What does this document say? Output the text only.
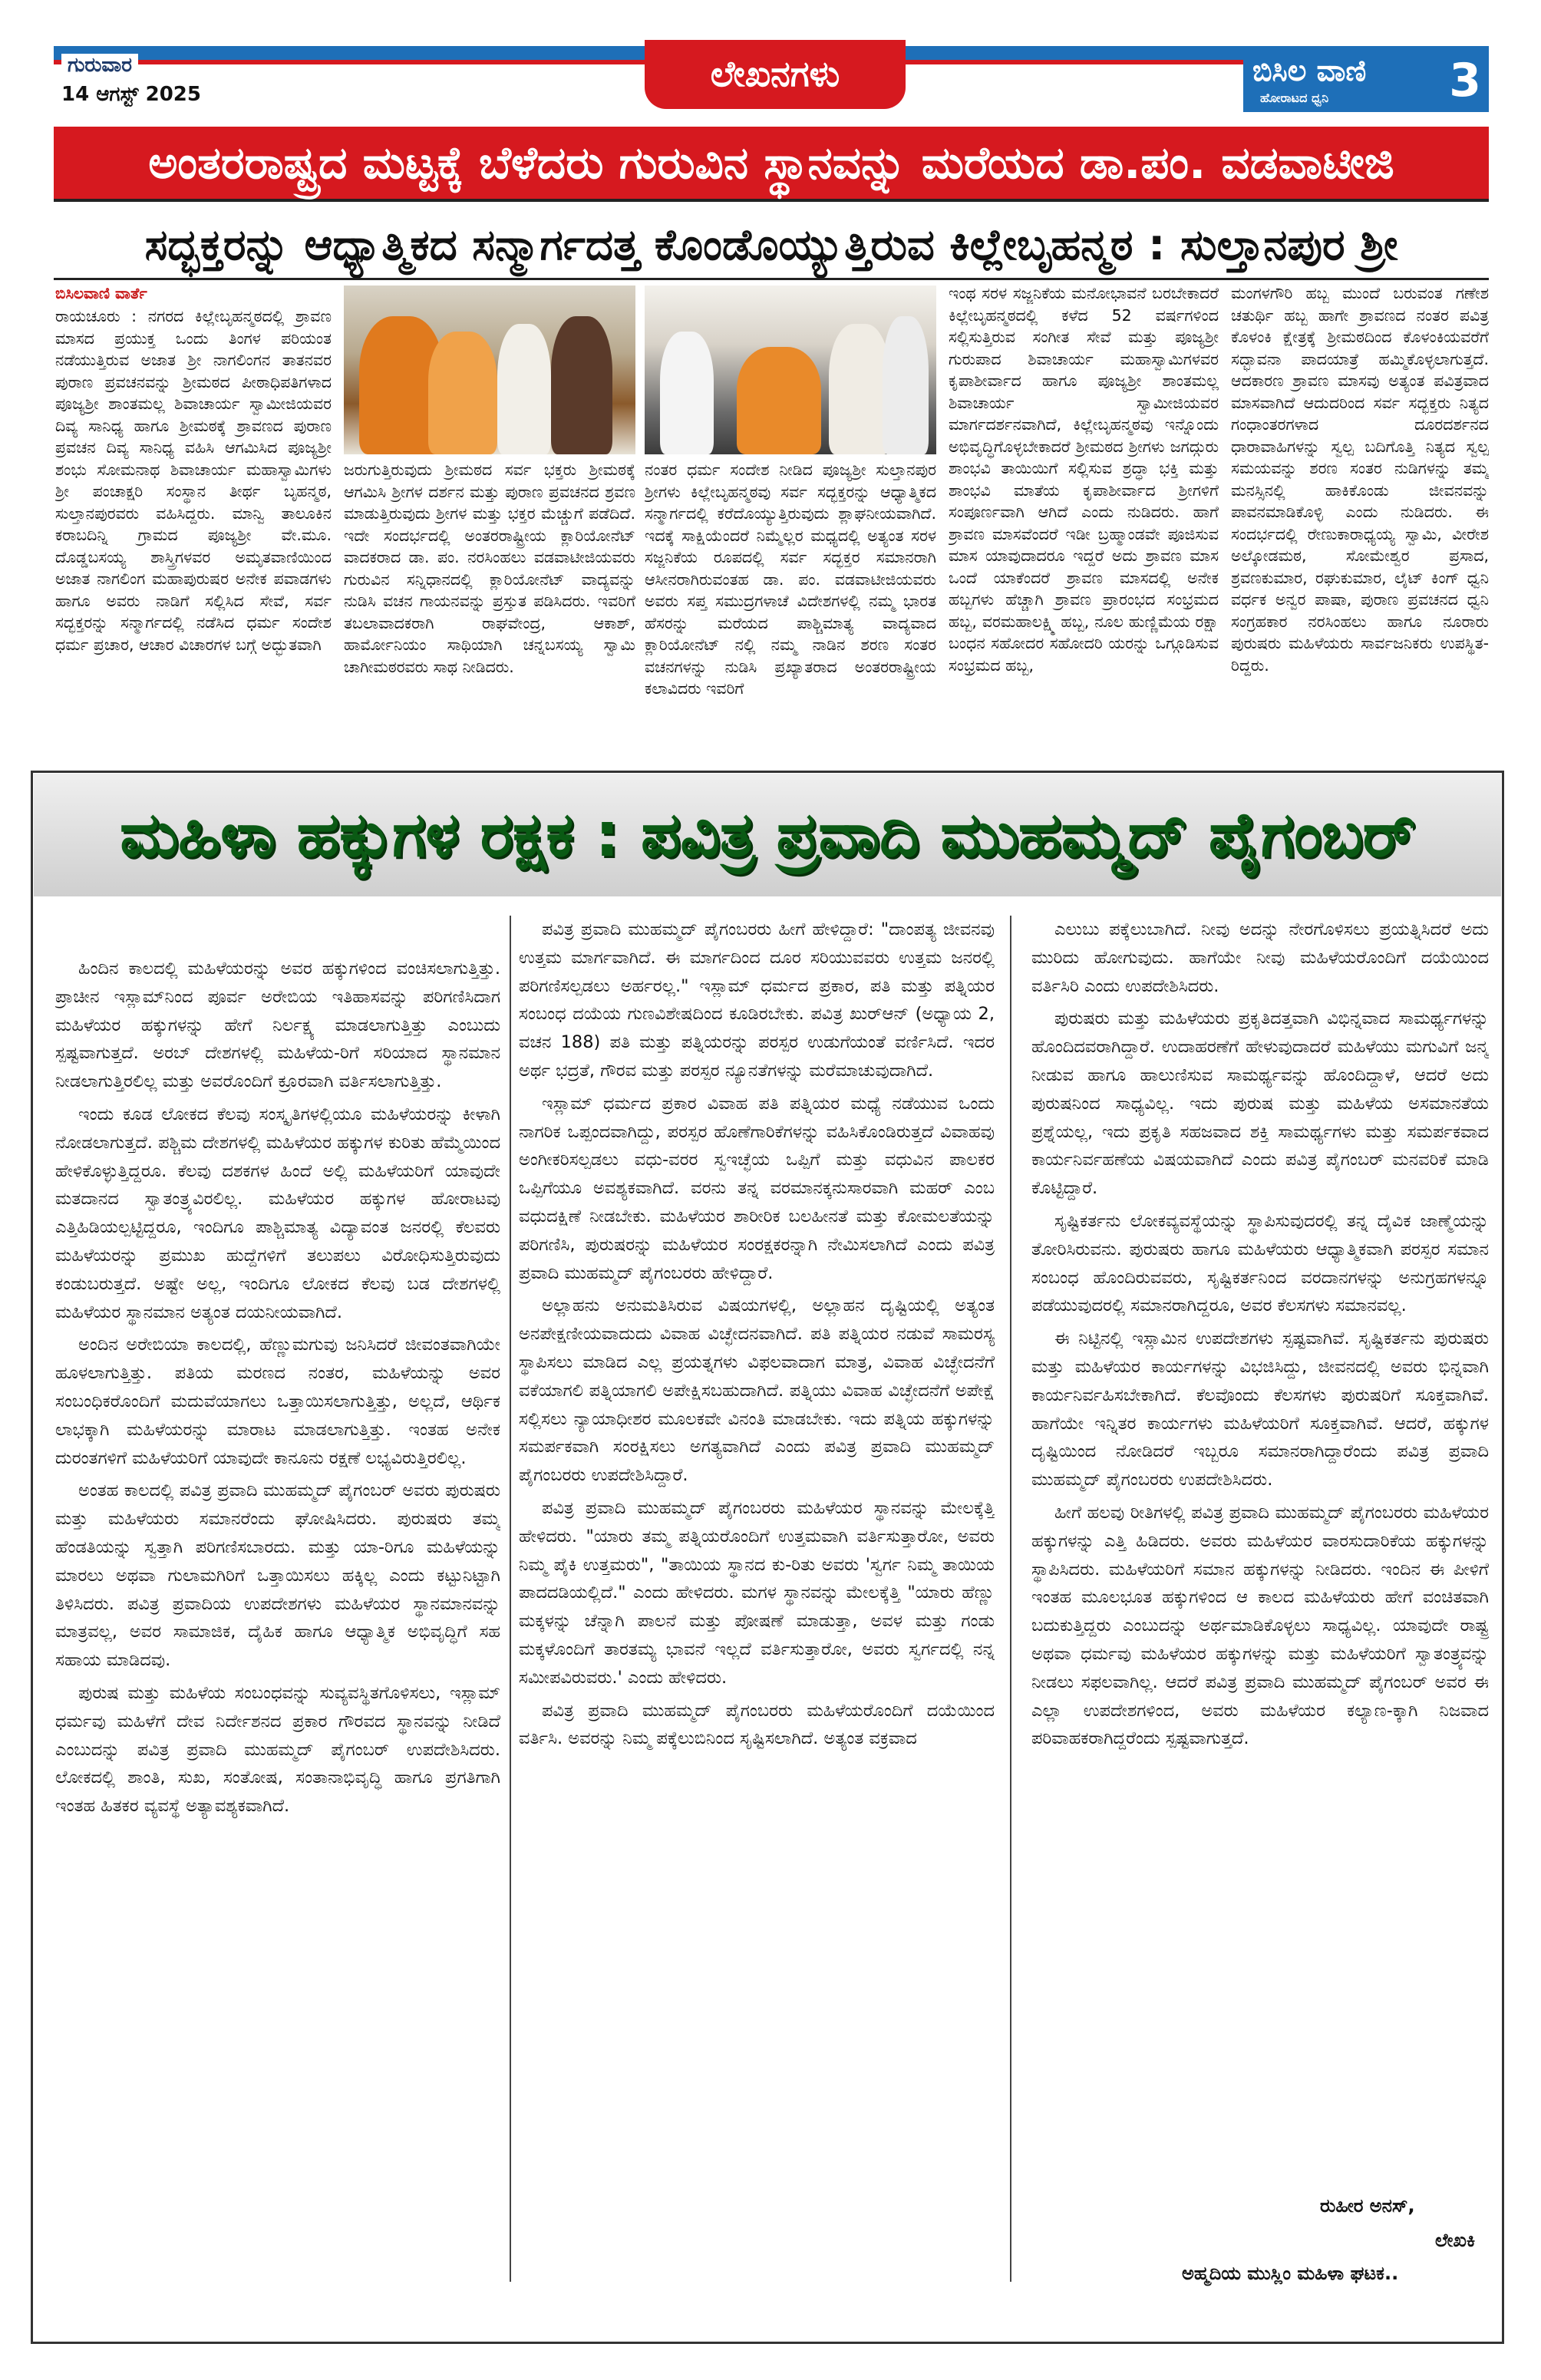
ಗುರುವಾರ
14 ಆಗಸ್ಟ್ 2025	ಲೇಖನಗಳು	ಬಿಸಿಲ ವಾಣಿ
ಹೋರಾಟದ ಧ್ವನಿ	3
ಅಂತರರಾಷ್ಟ್ರದ ಮಟ್ಟಕ್ಕೆ ಬೆಳೆದರು ಗುರುವಿನ ಸ್ಥಾನವನ್ನು ಮರೆಯದ ಡಾ.ಪಂ. ವಡವಾಟೀಜಿ
ಸದ್ಭಕ್ತರನ್ನು ಆಧ್ಯಾತ್ಮಿಕದ ಸನ್ಮಾರ್ಗದತ್ತ ಕೊಂಡೊಯ್ಯುತ್ತಿರುವ ಕಿಲ್ಲೇಬೃಹನ್ಮಠ : ಸುಲ್ತಾನಪುರ ಶ್ರೀ
ಬಿಸಿಲವಾಣಿ ವಾರ್ತೆ
ರಾಯಚೂರು : ನಗರದ ಕಿಲ್ಲೇಬೃಹನ್ಮಠದಲ್ಲಿ ಶ್ರಾವಣ ಮಾಸದ ಪ್ರಯುಕ್ತ ಒಂದು ತಿಂಗಳ ಪರಿಯಂತ ನಡೆಯುತ್ತಿರುವ ಅಜಾತ ಶ್ರೀ ನಾಗಲಿಂಗನ ತಾತನವರ ಪುರಾಣ ಪ್ರವಚನವನ್ನು ಶ್ರೀಮಠದ ಪೀಠಾಧಿಪತಿಗಳಾದ ಪೂಜ್ಯಶ್ರೀ ಶಾಂತಮಲ್ಲ ಶಿವಾಚಾರ್ಯ ಸ್ವಾಮೀಜಿಯವರ ದಿವ್ಯ ಸಾನಿಧ್ಯ ಹಾಗೂ ಶ್ರೀಮಠಕ್ಕೆ ಶ್ರಾವಣದ ಪುರಾಣ ಪ್ರವಚನ ದಿವ್ಯ ಸಾನಿಧ್ಯ ವಹಿಸಿ ಆಗಮಿಸಿದ ಪೂಜ್ಯಶ್ರೀ ಶಂಭು ಸೋಮನಾಥ ಶಿವಾಚಾರ್ಯ ಮಹಾಸ್ವಾಮಿಗಳು ಶ್ರೀ ಪಂಚಾಕ್ಷರಿ ಸಂಸ್ಥಾನ ತೀರ್ಥ ಬೃಹನ್ಮಠ, ಸುಲ್ತಾನಪುರವರು ವಹಿಸಿದ್ದರು. ಮಾನ್ವಿ ತಾಲೂಕಿನ ಕರಾಬದಿನ್ನಿ ಗ್ರಾಮದ ಪೂಜ್ಯಶ್ರೀ ವೇ.ಮೂ. ದೊಡ್ಡಬಸಯ್ಯ ಶಾಸ್ತ್ರಿಗಳವರ ಅಮೃತವಾಣಿಯಿಂದ ಅಜಾತ ನಾಗಲಿಂಗ ಮಹಾಪುರುಷರ ಅನೇಕ ಪವಾಡಗಳು ಹಾಗೂ ಅವರು ನಾಡಿಗೆ ಸಲ್ಲಿಸಿದ ಸೇವೆ, ಸರ್ವ ಸದ್ಭಕ್ತರನ್ನು ಸನ್ಮಾರ್ಗದಲ್ಲಿ ನಡೆಸಿದ ಧರ್ಮ ಸಂದೇಶ ಧರ್ಮ ಪ್ರಚಾರ, ಆಚಾರ ವಿಚಾರಗಳ ಬಗ್ಗೆ ಅದ್ಭುತವಾಗಿ
ಜರುಗುತ್ತಿರುವುದು ಶ್ರೀಮಠದ ಸರ್ವ ಭಕ್ತರು ಶ್ರೀಮಠಕ್ಕೆ ಆಗಮಿಸಿ ಶ್ರೀಗಳ ದರ್ಶನ ಮತ್ತು ಪುರಾಣ ಪ್ರವಚನದ ಶ್ರವಣ ಮಾಡುತ್ತಿರುವುದು ಶ್ರೀಗಳ ಮತ್ತು ಭಕ್ತರ ಮೆಚ್ಚುಗೆ ಪಡೆದಿದೆ. ಇದೇ ಸಂದರ್ಭದಲ್ಲಿ ಅಂತರರಾಷ್ಟ್ರೀಯ ಕ್ಲಾರಿಯೋನೆಟ್ ವಾದಕರಾದ ಡಾ. ಪಂ. ನರಸಿಂಹಲು ವಡವಾಟೀಜಿಯವರು ಗುರುವಿನ ಸನ್ನಿಧಾನದಲ್ಲಿ ಕ್ಲಾರಿಯೋನೆಟ್ ವಾದ್ಯವನ್ನು ನುಡಿಸಿ ವಚನ ಗಾಯನವನ್ನು ಪ್ರಸ್ತುತ ಪಡಿಸಿದರು. ಇವರಿಗೆ ತಬಲಾವಾದಕರಾಗಿ ರಾಘವೇಂದ್ರ, ಆಕಾಶ್, ಹಾರ್ಮೋನಿಯಂ ಸಾಥಿಯಾಗಿ ಚನ್ನಬಸಯ್ಯ ಸ್ವಾಮಿ ಚಾಗೀಮಠರವರು ಸಾಥ ನೀಡಿದರು.
ನಂತರ ಧರ್ಮ ಸಂದೇಶ ನೀಡಿದ ಪೂಜ್ಯಶ್ರೀ ಸುಲ್ತಾನಪುರ ಶ್ರೀಗಳು ಕಿಲ್ಲೇಬೃಹನ್ಮಠವು ಸರ್ವ ಸದ್ಭಕ್ತರನ್ನು ಆಧ್ಯಾತ್ಮಿಕದ ಸನ್ಮಾರ್ಗದಲ್ಲಿ ಕರೆದೊಯ್ಯುತ್ತಿರುವುದು ಶ್ಲಾಘನೀಯವಾಗಿದೆ. ಇದಕ್ಕೆ ಸಾಕ್ಷಿಯೆಂದರೆ ನಿಮ್ಮೆಲ್ಲರ ಮಧ್ಯದಲ್ಲಿ ಅತ್ಯಂತ ಸರಳ ಸಜ್ಜನಿಕೆಯ ರೂಪದಲ್ಲಿ ಸರ್ವ ಸದ್ಭಕ್ತರ ಸಮಾನರಾಗಿ ಆಸೀನರಾಗಿರುವಂತಹ ಡಾ. ಪಂ. ವಡವಾಟೀಜಿಯವರು ಅವರು ಸಪ್ತ ಸಮುದ್ರಗಳಾಚೆ ವಿದೇಶಗಳಲ್ಲಿ ನಮ್ಮ ಭಾರತ ಹೆಸರನ್ನು ಮರೆಯದ ಪಾಶ್ಚಿಮಾತ್ಯ ವಾದ್ಯವಾದ ಕ್ಲಾರಿಯೋನೆಟ್ ನಲ್ಲಿ ನಮ್ಮ ನಾಡಿನ ಶರಣ ಸಂತರ ವಚನಗಳನ್ನು ನುಡಿಸಿ ಪ್ರಖ್ಯಾತರಾದ ಅಂತರರಾಷ್ಟ್ರೀಯ ಕಲಾವಿದರು ಇವರಿಗೆ
ಇಂಥ ಸರಳ ಸಜ್ಜನಿಕೆಯ ಮನೋಭಾವನೆ ಬರಬೇಕಾದರೆ ಕಿಲ್ಲೇಬೃಹನ್ಮಠದಲ್ಲಿ ಕಳೆದ 52 ವರ್ಷಗಳಿಂದ ಸಲ್ಲಿಸುತ್ತಿರುವ ಸಂಗೀತ ಸೇವೆ ಮತ್ತು ಪೂಜ್ಯಶ್ರೀ ಗುರುಪಾದ ಶಿವಾಚಾರ್ಯ ಮಹಾಸ್ವಾಮಿಗಳವರ ಕೃಪಾಶೀರ್ವಾದ ಹಾಗೂ ಪೂಜ್ಯಶ್ರೀ ಶಾಂತಮಲ್ಲ ಶಿವಾಚಾರ್ಯ ಸ್ವಾಮೀಜಿಯವರ ಮಾರ್ಗದರ್ಶನವಾಗಿದೆ, ಕಿಲ್ಲೇಬೃಹನ್ಮಠವು ಇನ್ನೊಂದು ಅಭಿವೃದ್ಧಿಗೊಳ್ಳಬೇಕಾದರೆ ಶ್ರೀಮಠದ ಶ್ರೀಗಳು ಜಗದ್ಗುರು ಶಾಂಭವಿ ತಾಯಿಯಿಗೆ ಸಲ್ಲಿಸುವ ಶ್ರದ್ಧಾ ಭಕ್ತಿ ಮತ್ತು ಶಾಂಭವಿ ಮಾತೆಯ ಕೃಪಾಶೀರ್ವಾದ ಶ್ರೀಗಳಿಗೆ ಸಂಪೂರ್ಣವಾಗಿ ಆಗಿದೆ ಎಂದು ನುಡಿದರು. ಹಾಗೆ ಶ್ರಾವಣ ಮಾಸವೆಂದರೆ ಇಡೀ ಬ್ರಹ್ಮಾಂಡವೇ ಪೂಜಿಸುವ ಮಾಸ ಯಾವುದಾದರೂ ಇದ್ದರೆ ಅದು ಶ್ರಾವಣ ಮಾಸ ಒಂದೆ ಯಾಕೆಂದರೆ ಶ್ರಾವಣ ಮಾಸದಲ್ಲಿ ಅನೇಕ ಹಬ್ಬಗಳು ಹೆಚ್ಚಾಗಿ ಶ್ರಾವಣ ಪ್ರಾರಂಭದ ಸಂಭ್ರಮದ ಹಬ್ಬ, ವರಮಹಾಲಕ್ಷ್ಮಿ ಹಬ್ಬ, ನೂಲ ಹುಣ್ಣಿಮೆಯ ರಕ್ಷಾ ಬಂಧನ ಸಹೋದರ ಸಹೋದರಿ ಯರನ್ನು ಒಗ್ಗೂಡಿಸುವ ಸಂಭ್ರಮದ ಹಬ್ಬ,
ಮಂಗಳಗೌರಿ ಹಬ್ಬ ಮುಂದೆ ಬರುವಂತ ಗಣೇಶ ಚತುರ್ಥಿ ಹಬ್ಬ ಹಾಗೇ ಶ್ರಾವಣದ ನಂತರ ಪವಿತ್ರ ಕೊಳಂಕಿ ಕ್ಷೇತ್ರಕ್ಕೆ ಶ್ರೀಮಠದಿಂದ ಕೊಳಂಕಿಯವರೆಗೆ ಸದ್ಭಾವನಾ ಪಾದಯಾತ್ರೆ ಹಮ್ಮಿಕೊಳ್ಳಲಾಗುತ್ತದೆ. ಆದಕಾರಣ ಶ್ರಾವಣ ಮಾಸವು ಅತ್ಯಂತ ಪವಿತ್ರವಾದ ಮಾಸವಾಗಿದೆ ಆದುದರಿಂದ ಸರ್ವ ಸದ್ಭಕ್ತರು ನಿತ್ಯದ ಗಂಧಾಂತರಗಳಾದ ದೂರದರ್ಶನದ ಧಾರಾವಾಹಿಗಳನ್ನು ಸ್ವಲ್ಪ ಬದಿಗೊತ್ತಿ ನಿತ್ಯದ ಸ್ವಲ್ಪ ಸಮಯವನ್ನು ಶರಣ ಸಂತರ ನುಡಿಗಳನ್ನು ತಮ್ಮ ಮನಸ್ಸಿನಲ್ಲಿ ಹಾಕಿಕೊಂಡು ಜೀವನವನ್ನು ಪಾವನಮಾಡಿಕೊಳ್ಳಿ ಎಂದು ನುಡಿದರು. ಈ ಸಂದರ್ಭದಲ್ಲಿ ರೇಣುಕಾರಾಧ್ಯಯ್ಯ ಸ್ವಾಮಿ, ವೀರೇಶ ಅಲ್ಕೋಡಮಠ, ಸೋಮೇಶ್ವರ ಪ್ರಸಾದ, ಶ್ರವಣಕುಮಾರ, ರಘುಕುಮಾರ, ಲೈಟ್ ಕಿಂಗ್ ಧ್ವನಿ ವರ್ಧಕ ಅನ್ವರ ಪಾಷಾ, ಪುರಾಣ ಪ್ರವಚನದ ಧ್ವನಿ ಸಂಗ್ರಹಕಾರ ನರಸಿಂಹಲು ಹಾಗೂ ನೂರಾರು ಪುರುಷರು ಮಹಿಳೆಯರು ಸಾರ್ವಜನಿಕರು ಉಪಸ್ಥಿತ-ರಿದ್ದರು.
ಮಹಿಳಾ ಹಕ್ಕುಗಳ ರಕ್ಷಕ : ಪವಿತ್ರ ಪ್ರವಾದಿ ಮುಹಮ್ಮದ್ ಪೈಗಂಬರ್

ಹಿಂದಿನ ಕಾಲದಲ್ಲಿ ಮಹಿಳೆಯರನ್ನು ಅವರ ಹಕ್ಕುಗಳಿಂದ ವಂಚಿಸಲಾಗುತ್ತಿತ್ತು. ಪ್ರಾಚೀನ ಇಸ್ಲಾಮ್‌ನಿಂದ ಪೂರ್ವ ಅರೇಬಿಯ ಇತಿಹಾಸವನ್ನು ಪರಿಗಣಿಸಿದಾಗ ಮಹಿಳೆಯರ ಹಕ್ಕುಗಳನ್ನು ಹೇಗೆ ನಿರ್ಲಕ್ಷ್ಯ ಮಾಡಲಾಗುತ್ತಿತ್ತು ಎಂಬುದು ಸ್ಪಷ್ಟವಾಗುತ್ತದೆ. ಅರಬ್ ದೇಶಗಳಲ್ಲಿ ಮಹಿಳೆಯ-ರಿಗೆ ಸರಿಯಾದ ಸ್ಥಾನಮಾನ ನೀಡಲಾಗುತ್ತಿರಲಿಲ್ಲ ಮತ್ತು ಅವರೊಂದಿಗೆ ಕ್ರೂರವಾಗಿ ವರ್ತಿಸಲಾಗುತ್ತಿತ್ತು.

ಇಂದು ಕೂಡ ಲೋಕದ ಕೆಲವು ಸಂಸ್ಕೃತಿಗಳಲ್ಲಿಯೂ ಮಹಿಳೆಯರನ್ನು ಕೀಳಾಗಿ ನೋಡಲಾಗುತ್ತದೆ. ಪಶ್ಚಿಮ ದೇಶಗಳಲ್ಲಿ ಮಹಿಳೆಯರ ಹಕ್ಕುಗಳ ಕುರಿತು ಹೆಮ್ಮೆಯಿಂದ ಹೇಳಿಕೊಳ್ಳುತ್ತಿದ್ದರೂ. ಕೆಲವು ದಶಕಗಳ ಹಿಂದೆ ಅಲ್ಲಿ ಮಹಿಳೆಯರಿಗೆ ಯಾವುದೇ ಮತದಾನದ ಸ್ವಾತಂತ್ರ್ಯವಿರಲಿಲ್ಲ. ಮಹಿಳೆಯರ ಹಕ್ಕುಗಳ ಹೋರಾಟವು ಎತ್ತಿಹಿಡಿಯಲ್ಪಟ್ಟಿದ್ದರೂ, ಇಂದಿಗೂ ಪಾಶ್ಚಿಮಾತ್ಯ ವಿದ್ಯಾವಂತ ಜನರಲ್ಲಿ ಕೆಲವರು ಮಹಿಳೆಯರನ್ನು ಪ್ರಮುಖ ಹುದ್ದೆಗಳಿಗೆ ತಲುಪಲು ವಿರೋಧಿಸುತ್ತಿರುವುದು ಕಂಡುಬರುತ್ತದೆ. ಅಷ್ಟೇ ಅಲ್ಲ, ಇಂದಿಗೂ ಲೋಕದ ಕೆಲವು ಬಡ ದೇಶಗಳಲ್ಲಿ ಮಹಿಳೆಯರ ಸ್ಥಾನಮಾನ ಅತ್ಯಂತ ದಯನೀಯವಾಗಿದೆ.

ಅಂದಿನ ಅರೇಬಿಯಾ ಕಾಲದಲ್ಲಿ, ಹೆಣ್ಣುಮಗುವು ಜನಿಸಿದರೆ ಜೀವಂತವಾಗಿಯೇ ಹೂಳಲಾಗುತ್ತಿತ್ತು. ಪತಿಯ ಮರಣದ ನಂತರ, ಮಹಿಳೆಯನ್ನು ಅವರ ಸಂಬಂಧಿಕರೊಂದಿಗೆ ಮದುವೆಯಾಗಲು ಒತ್ತಾಯಿಸಲಾಗುತ್ತಿತ್ತು, ಅಲ್ಲದೆ, ಆರ್ಥಿಕ ಲಾಭಕ್ಕಾಗಿ ಮಹಿಳೆಯರನ್ನು ಮಾರಾಟ ಮಾಡಲಾಗುತ್ತಿತ್ತು. ಇಂತಹ ಅನೇಕ ದುರಂತಗಳಿಗೆ ಮಹಿಳೆಯರಿಗೆ ಯಾವುದೇ ಕಾನೂನು ರಕ್ಷಣೆ ಲಭ್ಯವಿರುತ್ತಿರಲಿಲ್ಲ.

ಅಂತಹ ಕಾಲದಲ್ಲಿ ಪವಿತ್ರ ಪ್ರವಾದಿ ಮುಹಮ್ಮದ್ ಪೈಗಂಬರ್ ಅವರು ಪುರುಷರು ಮತ್ತು ಮಹಿಳೆಯರು ಸಮಾನರೆಂದು ಘೋಷಿಸಿದರು. ಪುರುಷರು ತಮ್ಮ ಹೆಂಡತಿಯನ್ನು ಸ್ವತ್ತಾಗಿ ಪರಿಗಣಿಸಬಾರದು. ಮತ್ತು ಯಾ-ರಿಗೂ ಮಹಿಳೆಯನ್ನು ಮಾರಲು ಅಥವಾ ಗುಲಾಮಗಿರಿಗೆ ಒತ್ತಾಯಿಸಲು ಹಕ್ಕಿಲ್ಲ ಎಂದು ಕಟ್ಟುನಿಟ್ಟಾಗಿ ತಿಳಿಸಿದರು. ಪವಿತ್ರ ಪ್ರವಾದಿಯ ಉಪದೇಶಗಳು ಮಹಿಳೆಯರ ಸ್ಥಾನಮಾನವನ್ನು ಮಾತ್ರವಲ್ಲ, ಅವರ ಸಾಮಾಜಿಕ, ದೈಹಿಕ ಹಾಗೂ ಆಧ್ಯಾತ್ಮಿಕ ಅಭಿವೃದ್ಧಿಗೆ ಸಹ ಸಹಾಯ ಮಾಡಿದವು.

ಪುರುಷ ಮತ್ತು ಮಹಿಳೆಯ ಸಂಬಂಧವನ್ನು ಸುವ್ಯವಸ್ಥಿತಗೊಳಿಸಲು, ಇಸ್ಲಾಮ್ ಧರ್ಮವು ಮಹಿಳೆಗೆ ದೇವ ನಿರ್ದೇಶನದ ಪ್ರಕಾರ ಗೌರವದ ಸ್ಥಾನವನ್ನು ನೀಡಿದೆ ಎಂಬುದನ್ನು ಪವಿತ್ರ ಪ್ರವಾದಿ ಮುಹಮ್ಮದ್ ಪೈಗಂಬರ್ ಉಪದೇಶಿಸಿದರು. ಲೋಕದಲ್ಲಿ ಶಾಂತಿ, ಸುಖ, ಸಂತೋಷ, ಸಂತಾನಾಭಿವೃದ್ಧಿ ಹಾಗೂ ಪ್ರಗತಿಗಾಗಿ ಇಂತಹ ಹಿತಕರ ವ್ಯವಸ್ಥೆ ಅತ್ಯಾವಶ್ಯಕವಾಗಿದೆ.

ಪವಿತ್ರ ಪ್ರವಾದಿ ಮುಹಮ್ಮದ್ ಪೈಗಂಬರರು ಹೀಗೆ ಹೇಳಿದ್ದಾರೆ: "ದಾಂಪತ್ಯ ಜೀವನವು ಉತ್ತಮ ಮಾರ್ಗವಾಗಿದೆ. ಈ ಮಾರ್ಗದಿಂದ ದೂರ ಸರಿಯುವವರು ಉತ್ತಮ ಜನರಲ್ಲಿ ಪರಿಗಣಿಸಲ್ಪಡಲು ಅರ್ಹರಲ್ಲ." ಇಸ್ಲಾಮ್ ಧರ್ಮದ ಪ್ರಕಾರ, ಪತಿ ಮತ್ತು ಪತ್ನಿಯರ ಸಂಬಂಧ ದಯೆಯ ಗುಣವಿಶೇಷದಿಂದ ಕೂಡಿರಬೇಕು. ಪವಿತ್ರ ಖುರ್‌ಆನ್ (ಅಧ್ಯಾಯ 2, ವಚನ 188) ಪತಿ ಮತ್ತು ಪತ್ನಿಯರನ್ನು ಪರಸ್ಪರ ಉಡುಗೆಯಂತೆ ವರ್ಣಿಸಿದೆ. ಇದರ ಅರ್ಥ ಭದ್ರತೆ, ಗೌರವ ಮತ್ತು ಪರಸ್ಪರ ನ್ಯೂನತೆಗಳನ್ನು ಮರೆಮಾಚುವುದಾಗಿದೆ.

ಇಸ್ಲಾಮ್ ಧರ್ಮದ ಪ್ರಕಾರ ವಿವಾಹ ಪತಿ ಪತ್ನಿಯರ ಮಧ್ಯೆ ನಡೆಯುವ ಒಂದು ನಾಗರಿಕ ಒಪ್ಪಂದವಾಗಿದ್ದು, ಪರಸ್ಪರ ಹೊಣೆಗಾರಿಕೆಗಳನ್ನು ವಹಿಸಿಕೊಂಡಿರುತ್ತದೆ ವಿವಾಹವು ಅಂಗೀಕರಿಸಲ್ಪಡಲು ವಧು-ವರರ ಸ್ವಇಚ್ಛೆಯ ಒಪ್ಪಿಗೆ ಮತ್ತು ವಧುವಿನ ಪಾಲಕರ ಒಪ್ಪಿಗೆಯೂ ಅವಶ್ಯಕವಾಗಿದೆ. ವರನು ತನ್ನ ವರಮಾನಕ್ಕನುಸಾರವಾಗಿ ಮಹರ್ ಎಂಬ ವಧುದಕ್ಷಿಣೆ ನೀಡಬೇಕು. ಮಹಿಳೆಯರ ಶಾರೀರಿಕ ಬಲಹೀನತೆ ಮತ್ತು ಕೋಮಲತೆಯನ್ನು ಪರಿಗಣಿಸಿ, ಪುರುಷರನ್ನು ಮಹಿಳೆಯರ ಸಂರಕ್ಷಕರನ್ನಾಗಿ ನೇಮಿಸಲಾಗಿದೆ ಎಂದು ಪವಿತ್ರ ಪ್ರವಾದಿ ಮುಹಮ್ಮದ್ ಪೈಗಂಬರರು ಹೇಳಿದ್ದಾರೆ.

ಅಲ್ಲಾಹನು ಅನುಮತಿಸಿರುವ ವಿಷಯಗಳಲ್ಲಿ, ಅಲ್ಲಾಹನ ದೃಷ್ಟಿಯಲ್ಲಿ ಅತ್ಯಂತ ಅನಪೇಕ್ಷಣೀಯವಾದುದು ವಿವಾಹ ವಿಚ್ಛೇದನವಾಗಿದೆ. ಪತಿ ಪತ್ನಿಯರ ನಡುವೆ ಸಾಮರಸ್ಯ ಸ್ಥಾಪಿಸಲು ಮಾಡಿದ ಎಲ್ಲ ಪ್ರಯತ್ನಗಳು ವಿಫಲವಾದಾಗ ಮಾತ್ರ, ವಿವಾಹ ವಿಚ್ಛೇದನೆಗೆ ವಕೆಯಾಗಲಿ ಪತ್ನಿಯಾಗಲಿ ಅಪೇಕ್ಷಿಸಬಹುದಾಗಿದೆ. ಪತ್ನಿಯು ವಿವಾಹ ವಿಚ್ಛೇದನೆಗೆ ಅಪೇಕ್ಷೆ ಸಲ್ಲಿಸಲು ನ್ಯಾಯಾಧೀಶರ ಮೂಲಕವೇ ವಿನಂತಿ ಮಾಡಬೇಕು. ಇದು ಪತ್ನಿಯ ಹಕ್ಕುಗಳನ್ನು ಸಮರ್ಪಕವಾಗಿ ಸಂರಕ್ಷಿಸಲು ಅಗತ್ಯವಾಗಿದೆ ಎಂದು ಪವಿತ್ರ ಪ್ರವಾದಿ ಮುಹಮ್ಮದ್ ಪೈಗಂಬರರು ಉಪದೇಶಿಸಿದ್ದಾರೆ.

ಪವಿತ್ರ ಪ್ರವಾದಿ ಮುಹಮ್ಮದ್ ಪೈಗಂಬರರು ಮಹಿಳೆಯರ ಸ್ಥಾನವನ್ನು ಮೇಲಕ್ಕೆತ್ತಿ ಹೇಳಿದರು. "ಯಾರು ತಮ್ಮ ಪತ್ನಿಯರೊಂದಿಗೆ ಉತ್ತಮವಾಗಿ ವರ್ತಿಸುತ್ತಾರೋ, ಅವರು ನಿಮ್ಮ ಪೈಕಿ ಉತ್ತಮರು", "ತಾಯಿಯ ಸ್ಥಾನದ ಕು-ರಿತು ಅವರು 'ಸ್ವರ್ಗ ನಿಮ್ಮ ತಾಯಿಯ ಪಾದದಡಿಯಲ್ಲಿದೆ." ಎಂದು ಹೇಳಿದರು. ಮಗಳ ಸ್ಥಾನವನ್ನು ಮೇಲಕ್ಕೆತ್ತಿ "ಯಾರು ಹೆಣ್ಣು ಮಕ್ಕಳನ್ನು ಚೆನ್ನಾಗಿ ಪಾಲನೆ ಮತ್ತು ಪೋಷಣೆ ಮಾಡುತ್ತಾ, ಅವಳ ಮತ್ತು ಗಂಡು ಮಕ್ಕಳೊಂದಿಗೆ ತಾರತಮ್ಯ ಭಾವನೆ ಇಲ್ಲದೆ ವರ್ತಿಸುತ್ತಾರೋ, ಅವರು ಸ್ವರ್ಗದಲ್ಲಿ ನನ್ನ ಸಮೀಪವಿರುವರು.' ಎಂದು ಹೇಳಿದರು.

ಪವಿತ್ರ ಪ್ರವಾದಿ ಮುಹಮ್ಮದ್ ಪೈಗಂಬರರು ಮಹಿಳೆಯರೊಂದಿಗೆ ದಯೆಯಿಂದ ವರ್ತಿಸಿ. ಅವರನ್ನು ನಿಮ್ಮ ಪಕ್ಕೆಲುಬಿನಿಂದ ಸೃಷ್ಟಿಸಲಾಗಿದೆ. ಅತ್ಯಂತ ವಕ್ರವಾದ

ಎಲುಬು ಪಕ್ಕೆಲುಬಾಗಿದೆ. ನೀವು ಅದನ್ನು ನೇರಗೊಳಿಸಲು ಪ್ರಯತ್ನಿಸಿದರೆ ಅದು ಮುರಿದು ಹೋಗುವುದು. ಹಾಗೆಯೇ ನೀವು ಮಹಿಳೆಯರೊಂದಿಗೆ ದಯೆಯಿಂದ ವರ್ತಿಸಿರಿ ಎಂದು ಉಪದೇಶಿಸಿದರು.

ಪುರುಷರು ಮತ್ತು ಮಹಿಳೆಯರು ಪ್ರಕೃತಿದತ್ತವಾಗಿ ವಿಭಿನ್ನವಾದ ಸಾಮರ್ಥ್ಯಗಳನ್ನು ಹೊಂದಿದವರಾಗಿದ್ದಾರೆ. ಉದಾಹರಣೆಗೆ ಹೇಳುವುದಾದರೆ ಮಹಿಳೆಯು ಮಗುವಿಗೆ ಜನ್ಮ ನೀಡುವ ಹಾಗೂ ಹಾಲುಣಿಸುವ ಸಾಮರ್ಥ್ಯವನ್ನು ಹೊಂದಿದ್ದಾಳೆ, ಆದರೆ ಅದು ಪುರುಷನಿಂದ ಸಾಧ್ಯವಿಲ್ಲ. ಇದು ಪುರುಷ ಮತ್ತು ಮಹಿಳೆಯ ಅಸಮಾನತೆಯ ಪ್ರಶ್ನೆಯಲ್ಲ, ಇದು ಪ್ರಕೃತಿ ಸಹಜವಾದ ಶಕ್ತಿ ಸಾಮರ್ಥ್ಯಗಳು ಮತ್ತು ಸಮರ್ಪಕವಾದ ಕಾರ್ಯನಿರ್ವಹಣೆಯ ವಿಷಯವಾಗಿದೆ ಎಂದು ಪವಿತ್ರ ಪೈಗಂಬರ್ ಮನವರಿಕೆ ಮಾಡಿ ಕೊಟ್ಟಿದ್ದಾರೆ.

ಸೃಷ್ಟಿಕರ್ತನು ಲೋಕವ್ಯವಸ್ಥೆಯನ್ನು ಸ್ಥಾಪಿಸುವುದರಲ್ಲಿ ತನ್ನ ದೈವಿಕ ಜಾಣ್ಮೆಯನ್ನು ತೋರಿಸಿರುವನು. ಪುರುಷರು ಹಾಗೂ ಮಹಿಳೆಯರು ಆಧ್ಯಾತ್ಮಿಕವಾಗಿ ಪರಸ್ಪರ ಸಮಾನ ಸಂಬಂಧ ಹೊಂದಿರುವವರು, ಸೃಷ್ಟಿಕರ್ತನಿಂದ ವರದಾನಗಳನ್ನು ಅನುಗ್ರಹಗಳನ್ನೂ ಪಡೆಯುವುದರಲ್ಲಿ ಸಮಾನರಾಗಿದ್ದರೂ, ಅವರ ಕೆಲಸಗಳು ಸಮಾನವಲ್ಲ.

ಈ ನಿಟ್ಟಿನಲ್ಲಿ ಇಸ್ಲಾಮಿನ ಉಪದೇಶಗಳು ಸ್ಪಷ್ಟವಾಗಿವೆ. ಸೃಷ್ಟಿಕರ್ತನು ಪುರುಷರು ಮತ್ತು ಮಹಿಳೆಯರ ಕಾರ್ಯಗಳನ್ನು ವಿಭಜಿಸಿದ್ದು, ಜೀವನದಲ್ಲಿ ಅವರು ಭಿನ್ನವಾಗಿ ಕಾರ್ಯನಿರ್ವಹಿಸಬೇಕಾಗಿದೆ. ಕೆಲವೊಂದು ಕೆಲಸಗಳು ಪುರುಷರಿಗೆ ಸೂಕ್ತವಾಗಿವೆ. ಹಾಗೆಯೇ ಇನ್ನಿತರ ಕಾರ್ಯಗಳು ಮಹಿಳೆಯರಿಗೆ ಸೂಕ್ತವಾಗಿವೆ. ಆದರೆ, ಹಕ್ಕುಗಳ ದೃಷ್ಟಿಯಿಂದ ನೋಡಿದರೆ ಇಬ್ಬರೂ ಸಮಾನರಾಗಿದ್ದಾರೆಂದು ಪವಿತ್ರ ಪ್ರವಾದಿ ಮುಹಮ್ಮದ್ ಪೈಗಂಬರರು ಉಪದೇಶಿಸಿದರು.

ಹೀಗೆ ಹಲವು ರೀತಿಗಳಲ್ಲಿ ಪವಿತ್ರ ಪ್ರವಾದಿ ಮುಹಮ್ಮದ್ ಪೈಗಂಬರರು ಮಹಿಳೆಯರ ಹಕ್ಕುಗಳನ್ನು ಎತ್ತಿ ಹಿಡಿದರು. ಅವರು ಮಹಿಳೆಯರ ವಾರಸುದಾರಿಕೆಯ ಹಕ್ಕುಗಳನ್ನು ಸ್ಥಾಪಿಸಿದರು. ಮಹಿಳೆಯರಿಗೆ ಸಮಾನ ಹಕ್ಕುಗಳನ್ನು ನೀಡಿದರು. ಇಂದಿನ ಈ ಪೀಳಿಗೆ ಇಂತಹ ಮೂಲಭೂತ ಹಕ್ಕುಗಳಿಂದ ಆ ಕಾಲದ ಮಹಿಳೆಯರು ಹೇಗೆ ವಂಚಿತವಾಗಿ ಬದುಕುತ್ತಿದ್ದರು ಎಂಬುದನ್ನು ಅರ್ಥಮಾಡಿಕೊಳ್ಳಲು ಸಾಧ್ಯವಿಲ್ಲ. ಯಾವುದೇ ರಾಷ್ಟ್ರ ಅಥವಾ ಧರ್ಮವು ಮಹಿಳೆಯರ ಹಕ್ಕುಗಳನ್ನು ಮತ್ತು ಮಹಿಳೆಯರಿಗೆ ಸ್ವಾತಂತ್ರ್ಯವನ್ನು ನೀಡಲು ಸಫಲವಾಗಿಲ್ಲ. ಆದರೆ ಪವಿತ್ರ ಪ್ರವಾದಿ ಮುಹಮ್ಮದ್ ಪೈಗಂಬರ್ ಅವರ ಈ ಎಲ್ಲಾ ಉಪದೇಶಗಳಿಂದ, ಅವರು ಮಹಿಳೆಯರ ಕಲ್ಯಾಣ-ಕ್ಕಾಗಿ ನಿಜವಾದ ಪರಿವಾಹಕರಾಗಿದ್ದರೆಂದು ಸ್ಪಷ್ಟವಾಗುತ್ತದೆ.

ರುಹೀರ ಅನಸ್,
ಲೇಖಕಿ
ಅಹ್ಮದಿಯ ಮುಸ್ಲಿಂ ಮಹಿಳಾ ಘಟಕ..
